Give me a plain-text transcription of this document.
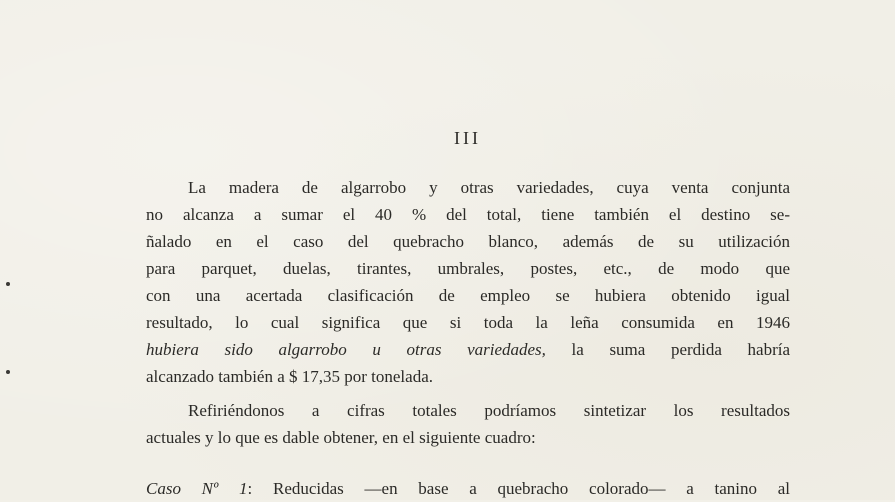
III
La madera de algarrobo y otras variedades, cuya venta conjunta
no alcanza a sumar el 40 % del total, tiene también el destino se-
ñalado en el caso del quebracho blanco, además de su utilización
para parquet, duelas, tirantes, umbrales, postes, etc., de modo que
con una acertada clasificación de empleo se hubiera obtenido igual
resultado, lo cual significa que si toda la leña consumida en 1946
hubiera sido algarrobo u otras variedades, la suma perdida habría
alcanzado también a $ 17,35 por tonelada.
Refiriéndonos a cifras totales podríamos sintetizar los resultados
actuales y lo que es dable obtener, en el siguiente cuadro:
Caso Nº 1: Reducidas —en base a quebracho colorado— a tanino al
